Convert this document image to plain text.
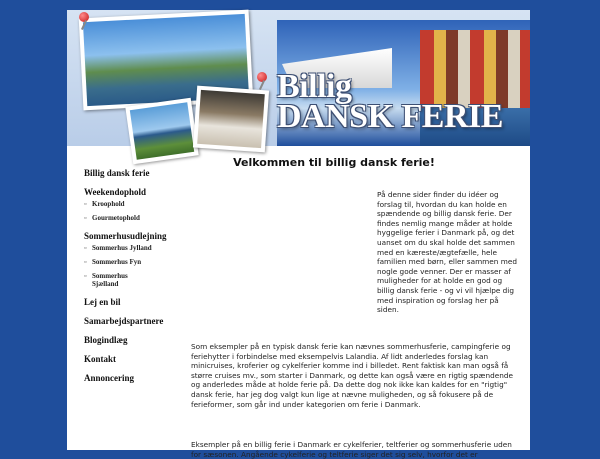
Billig
DANSK FERIE
Billig dansk ferie
Weekendophold
▫ Kroophold
▫ Gourmetophold
Sommerhusudlejning
▫ Sommerhus Jylland
▫ Sommerhus Fyn
▫ Sommerhus Sjælland
Lej en bil
Samarbejdspartnere
Blogindlæg
Kontakt
Annoncering
Velkommen til billig dansk ferie!

På denne sider finder du idéer og forslag til, hvordan du kan holde en spændende og billig dansk ferie. Der findes nemlig mange måder at holde hyggelige ferier i Danmark på, og det uanset om du skal holde det sammen med en kæreste/ægtefælle, hele familien med børn, eller sammen med nogle gode venner. Der er masser af muligheder for at holde en god og billig dansk ferie - og vi vil hjælpe dig med inspiration og forslag her på siden.

Som eksempler på en typisk dansk ferie kan nævnes sommerhusferie, campingferie og feriehytter i forbindelse med eksempelvis Lalandia. Af lidt anderledes forslag kan minicruises, kroferier og cykelferier komme ind i billedet. Rent faktisk kan man også få større cruises mv., som starter i Danmark, og dette kan også være en rigtig spændende og anderledes måde at holde ferie på. Da dette dog nok ikke kan kaldes for en "rigtig" dansk ferie, har jeg dog valgt kun lige at nævne muligheden, og så fokusere på de ferieformer, som går ind under kategorien om ferie i Danmark.

Eksempler på en billig ferie i Danmark er cykelferier, teltferier og sommerhusferie uden for sæsonen. Angående cykelferie og teltferie siger det sig selv, hvorfor det er
